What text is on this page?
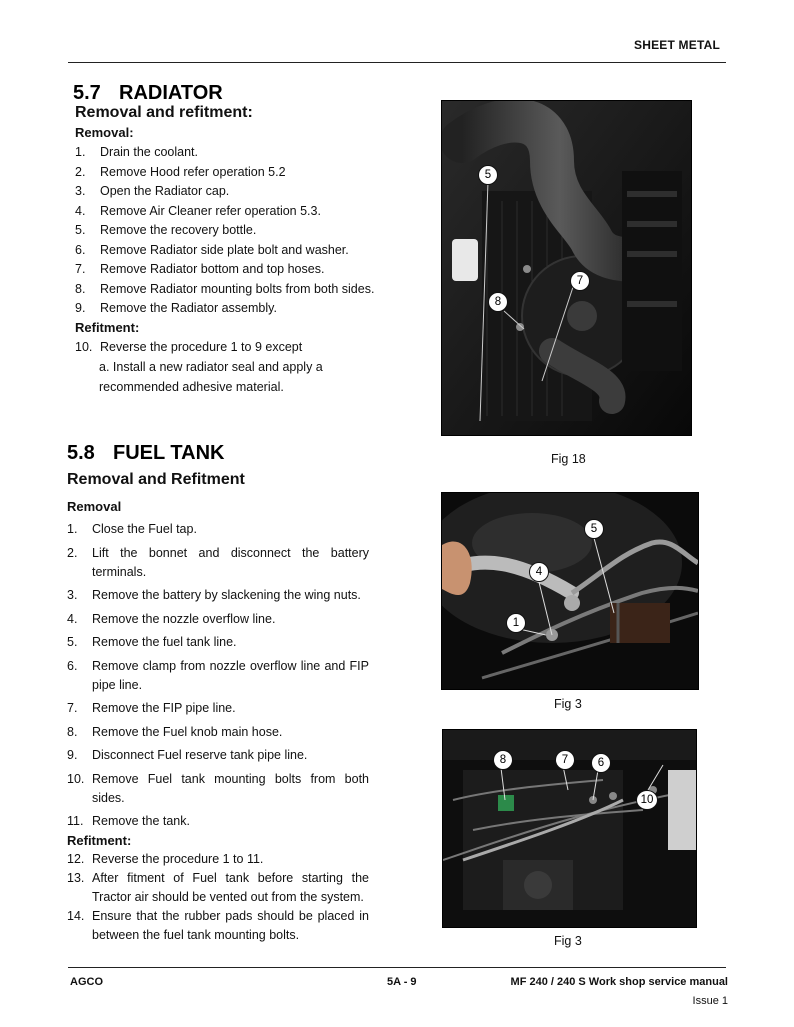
SHEET METAL
5.7 RADIATOR
Removal and refitment:
Removal:
1. Drain the coolant.
2. Remove Hood refer operation 5.2
3. Open the Radiator cap.
4. Remove Air Cleaner refer operation 5.3.
5. Remove the recovery bottle.
6. Remove Radiator side plate bolt and washer.
7. Remove Radiator bottom and top hoses.
8. Remove Radiator mounting bolts from both sides.
9. Remove the Radiator assembly.
Refitment:
10. Reverse the procedure 1 to 9 except
a. Install a new radiator seal and apply a
recommended adhesive material.
5.8 FUEL TANK
Removal and Refitment
Removal
1. Close the Fuel tap.
2. Lift the bonnet and disconnect the battery terminals.
3. Remove the battery by slackening the wing nuts.
4. Remove the nozzle overflow line.
5. Remove the fuel tank line.
6. Remove clamp from nozzle overflow line and FIP pipe line.
7. Remove the FIP pipe line.
8. Remove the Fuel knob main hose.
9. Disconnect Fuel reserve tank pipe line.
10. Remove Fuel tank mounting bolts from both sides.
11. Remove the tank.
Refitment:
12. Reverse the procedure 1 to 11.
13. After fitment of Fuel tank before starting the Tractor air should be vented out from the system.
14. Ensure that the rubber pads should be placed in between the fuel tank mounting bolts.
5
7
8
Fig 18
5
4
1
Fig 3
8	7	6
10
Fig 3
AGCO	5A - 9	MF 240 / 240 S Work shop service manual
Issue 1
